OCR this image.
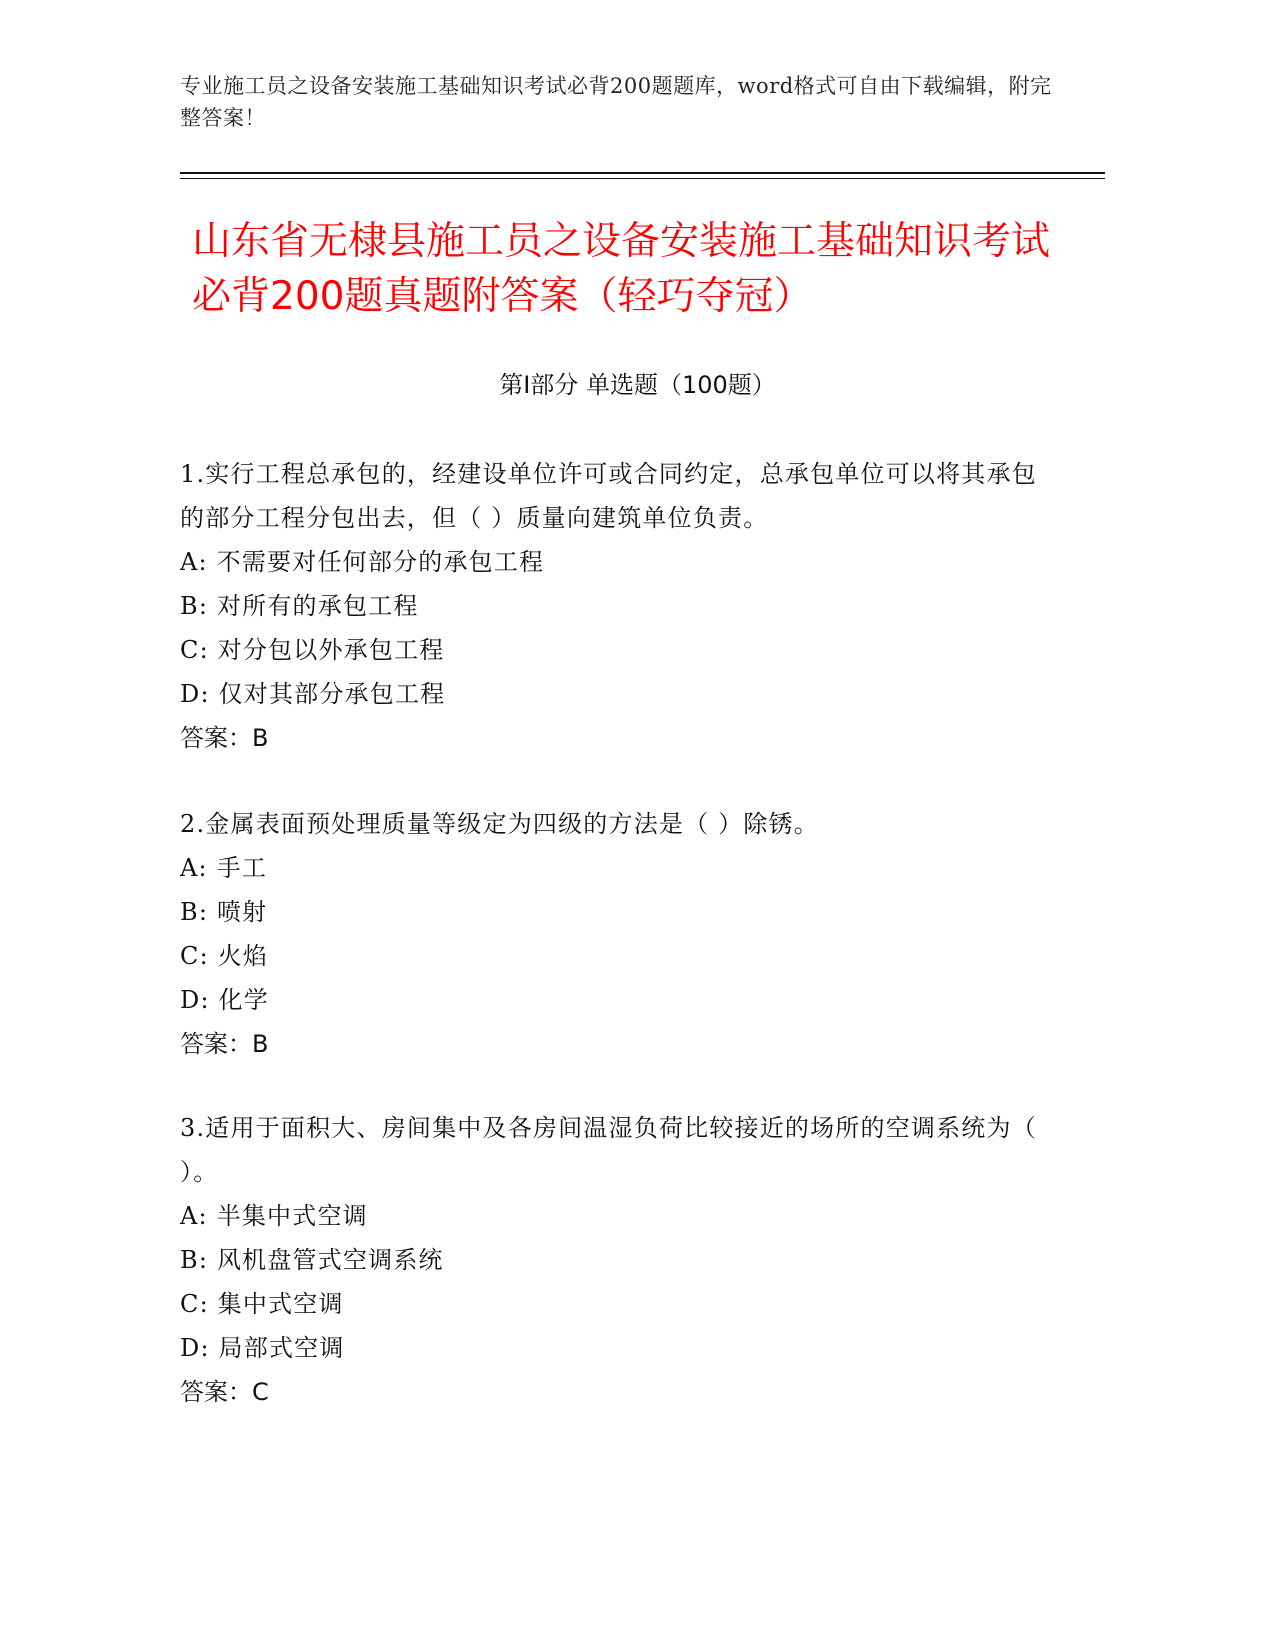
专业施工员之设备安装施工基础知识考试必背200题题库，word格式可自由下载编辑，附完整答案！
山东省无棣县施工员之设备安装施工基础知识考试必背200题真题附答案（轻巧夺冠）
第Ⅰ部分 单选题（100题）
1.实行工程总承包的，经建设单位许可或合同约定，总承包单位可以将其承包的部分工程分包出去，但（ ）质量向建筑单位负责。
A: 不需要对任何部分的承包工程
B: 对所有的承包工程
C: 对分包以外承包工程
D: 仅对其部分承包工程
答案：B
2.金属表面预处理质量等级定为四级的方法是（ ）除锈。
A: 手工
B: 喷射
C: 火焰
D: 化学
答案：B
3.适用于面积大、房间集中及各房间温湿负荷比较接近的场所的空调系统为（ ）。
A: 半集中式空调
B: 风机盘管式空调系统
C: 集中式空调
D: 局部式空调
答案：C
